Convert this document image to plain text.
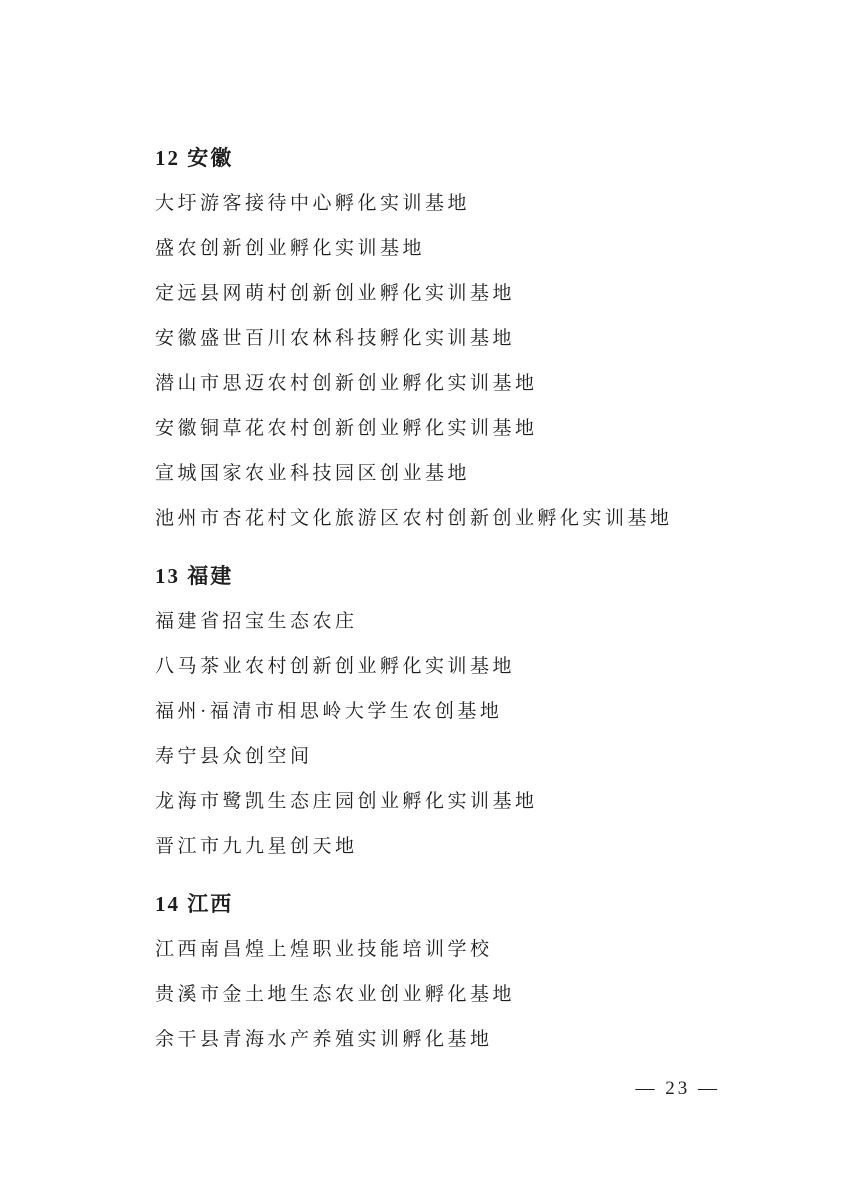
12 安徽
大圩游客接待中心孵化实训基地
盛农创新创业孵化实训基地
定远县网萌村创新创业孵化实训基地
安徽盛世百川农林科技孵化实训基地
潜山市思迈农村创新创业孵化实训基地
安徽铜草花农村创新创业孵化实训基地
宣城国家农业科技园区创业基地
池州市杏花村文化旅游区农村创新创业孵化实训基地
13 福建
福建省招宝生态农庄
八马茶业农村创新创业孵化实训基地
福州·福清市相思岭大学生农创基地
寿宁县众创空间
龙海市鹭凯生态庄园创业孵化实训基地
晋江市九九星创天地
14 江西
江西南昌煌上煌职业技能培训学校
贵溪市金土地生态农业创业孵化基地
余干县青海水产养殖实训孵化基地
— 23 —
